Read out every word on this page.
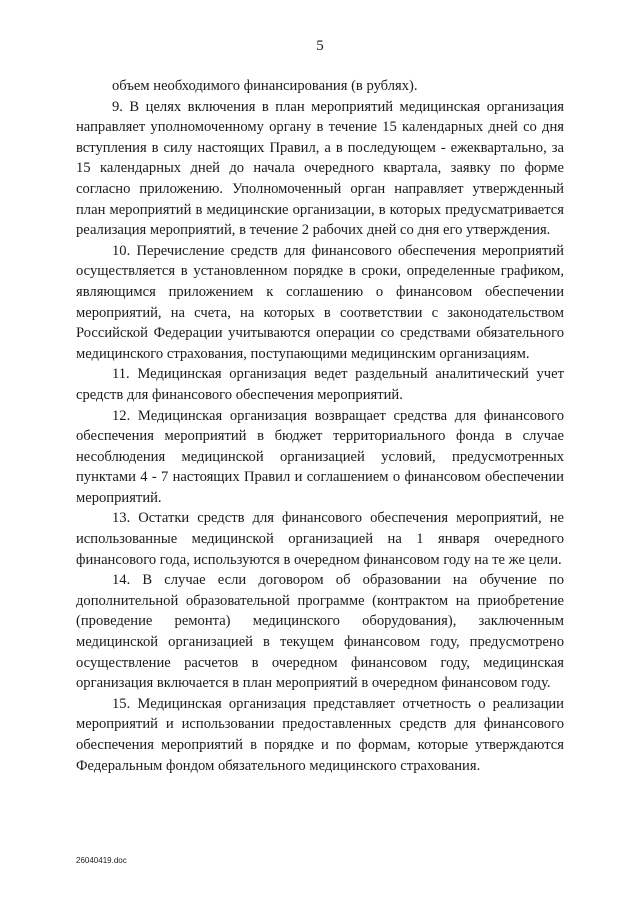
5

объем необходимого финансирования (в рублях).

9. В целях включения в план мероприятий медицинская организация направляет уполномоченному органу в течение 15 календарных дней со дня вступления в силу настоящих Правил, а в последующем - ежеквартально, за 15 календарных дней до начала очередного квартала, заявку по форме согласно приложению. Уполномоченный орган направляет утвержденный план мероприятий в медицинские организации, в которых предусматривается реализация мероприятий, в течение 2 рабочих дней со дня его утверждения.

10. Перечисление средств для финансового обеспечения мероприятий осуществляется в установленном порядке в сроки, определенные графиком, являющимся приложением к соглашению о финансовом обеспечении мероприятий, на счета, на которых в соответствии с законодательством Российской Федерации учитываются операции со средствами обязательного медицинского страхования, поступающими медицинским организациям.

11. Медицинская организация ведет раздельный аналитический учет средств для финансового обеспечения мероприятий.

12. Медицинская организация возвращает средства для финансового обеспечения мероприятий в бюджет территориального фонда в случае несоблюдения медицинской организацией условий, предусмотренных пунктами 4 - 7 настоящих Правил и соглашением о финансовом обеспечении мероприятий.

13. Остатки средств для финансового обеспечения мероприятий, не использованные медицинской организацией на 1 января очередного финансового года, используются в очередном финансовом году на те же цели.

14. В случае если договором об образовании на обучение по дополнительной образовательной программе (контрактом на приобретение (проведение ремонта) медицинского оборудования), заключенным медицинской организацией в текущем финансовом году, предусмотрено осуществление расчетов в очередном финансовом году, медицинская организация включается в план мероприятий в очередном финансовом году.

15. Медицинская организация представляет отчетность о реализации мероприятий и использовании предоставленных средств для финансового обеспечения мероприятий в порядке и по формам, которые утверждаются Федеральным фондом обязательного медицинского страхования.

26040419.doc
